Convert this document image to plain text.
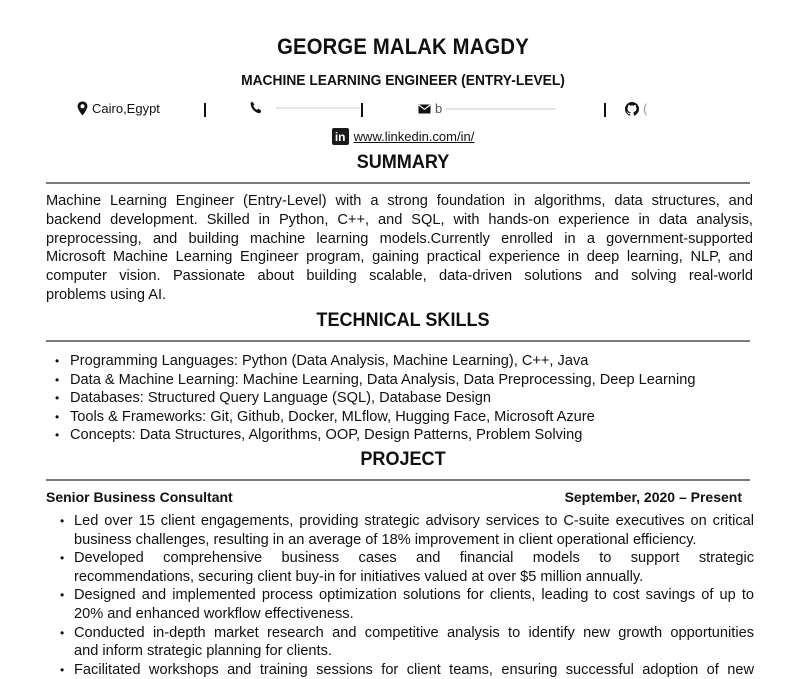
GEORGE MALAK MAGDY
MACHINE LEARNING ENGINEER (ENTRY-LEVEL)
Cairo,Egypt	b	(
in www.linkedin.com/in/
SUMMARY
Machine Learning Engineer (Entry-Level) with a strong foundation in algorithms, data structures, and
backend development. Skilled in Python, C++, and SQL, with hands-on experience in data analysis,
preprocessing, and building machine learning models.Currently enrolled in a government-supported
Microsoft Machine Learning Engineer program, gaining practical experience in deep learning, NLP, and
computer vision. Passionate about building scalable, data-driven solutions and solving real-world
problems using AI.
TECHNICAL SKILLS
• Programming Languages: Python (Data Analysis, Machine Learning), C++, Java
• Data & Machine Learning: Machine Learning, Data Analysis, Data Preprocessing, Deep Learning
• Databases: Structured Query Language (SQL), Database Design
• Tools & Frameworks: Git, Github, Docker, MLflow, Hugging Face, Microsoft Azure
• Concepts: Data Structures, Algorithms, OOP, Design Patterns, Problem Solving
PROJECT
Senior Business Consultant	September, 2020 – Present
• Led over 15 client engagements, providing strategic advisory services to C-suite executives on critical
business challenges, resulting in an average of 18% improvement in client operational efficiency.
• Developed comprehensive business cases and financial models to support strategic
recommendations, securing client buy-in for initiatives valued at over $5 million annually.
• Designed and implemented process optimization solutions for clients, leading to cost savings of up to
20% and enhanced workflow effectiveness.
• Conducted in-depth market research and competitive analysis to identify new growth opportunities
and inform strategic planning for clients.
• Facilitated workshops and training sessions for client teams, ensuring successful adoption of new
